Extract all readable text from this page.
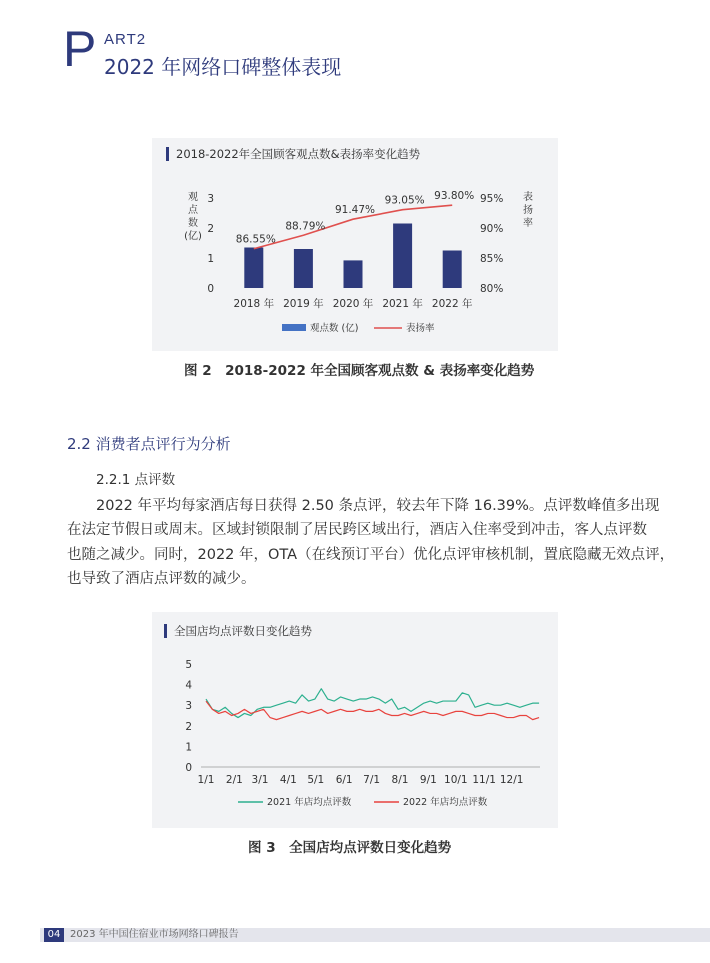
P ART2
2022 年网络口碑整体表现
2018-2022年全国顾客观点数&表扬率变化趋势
0
1
2
3
80%
85%
90%
95%
观
点
数
(亿)
表
扬
率
2018 年 2019 年 2020 年 2021 年 2022 年
86.55%
88.79%
91.47%
93.05% 93.80%
观点数 (亿)	表扬率
图 2　2018-2022 年全国顾客观点数 & 表扬率变化趋势
2.2 消费者点评行为分析
2.2.1 点评数
2022 年平均每家酒店每日获得 2.50 条点评，较去年下降 16.39%。点评数峰值多出现
在法定节假日或周末。区域封锁限制了居民跨区域出行，酒店入住率受到冲击，客人点评数
也随之减少。同时，2022 年，OTA（在线预订平台）优化点评审核机制，置底隐藏无效点评，
也导致了酒店点评数的减少。
全国店均点评数日变化趋势
0
1
2
3
4
5
1/1 2/1 3/1 4/1 5/1 6/1 7/1 8/1 9/1 10/1 11/1 12/1
2021 年店均点评数	2022 年店均点评数
图 3　全国店均点评数日变化趋势
04 2023 年中国住宿业市场网络口碑报告
